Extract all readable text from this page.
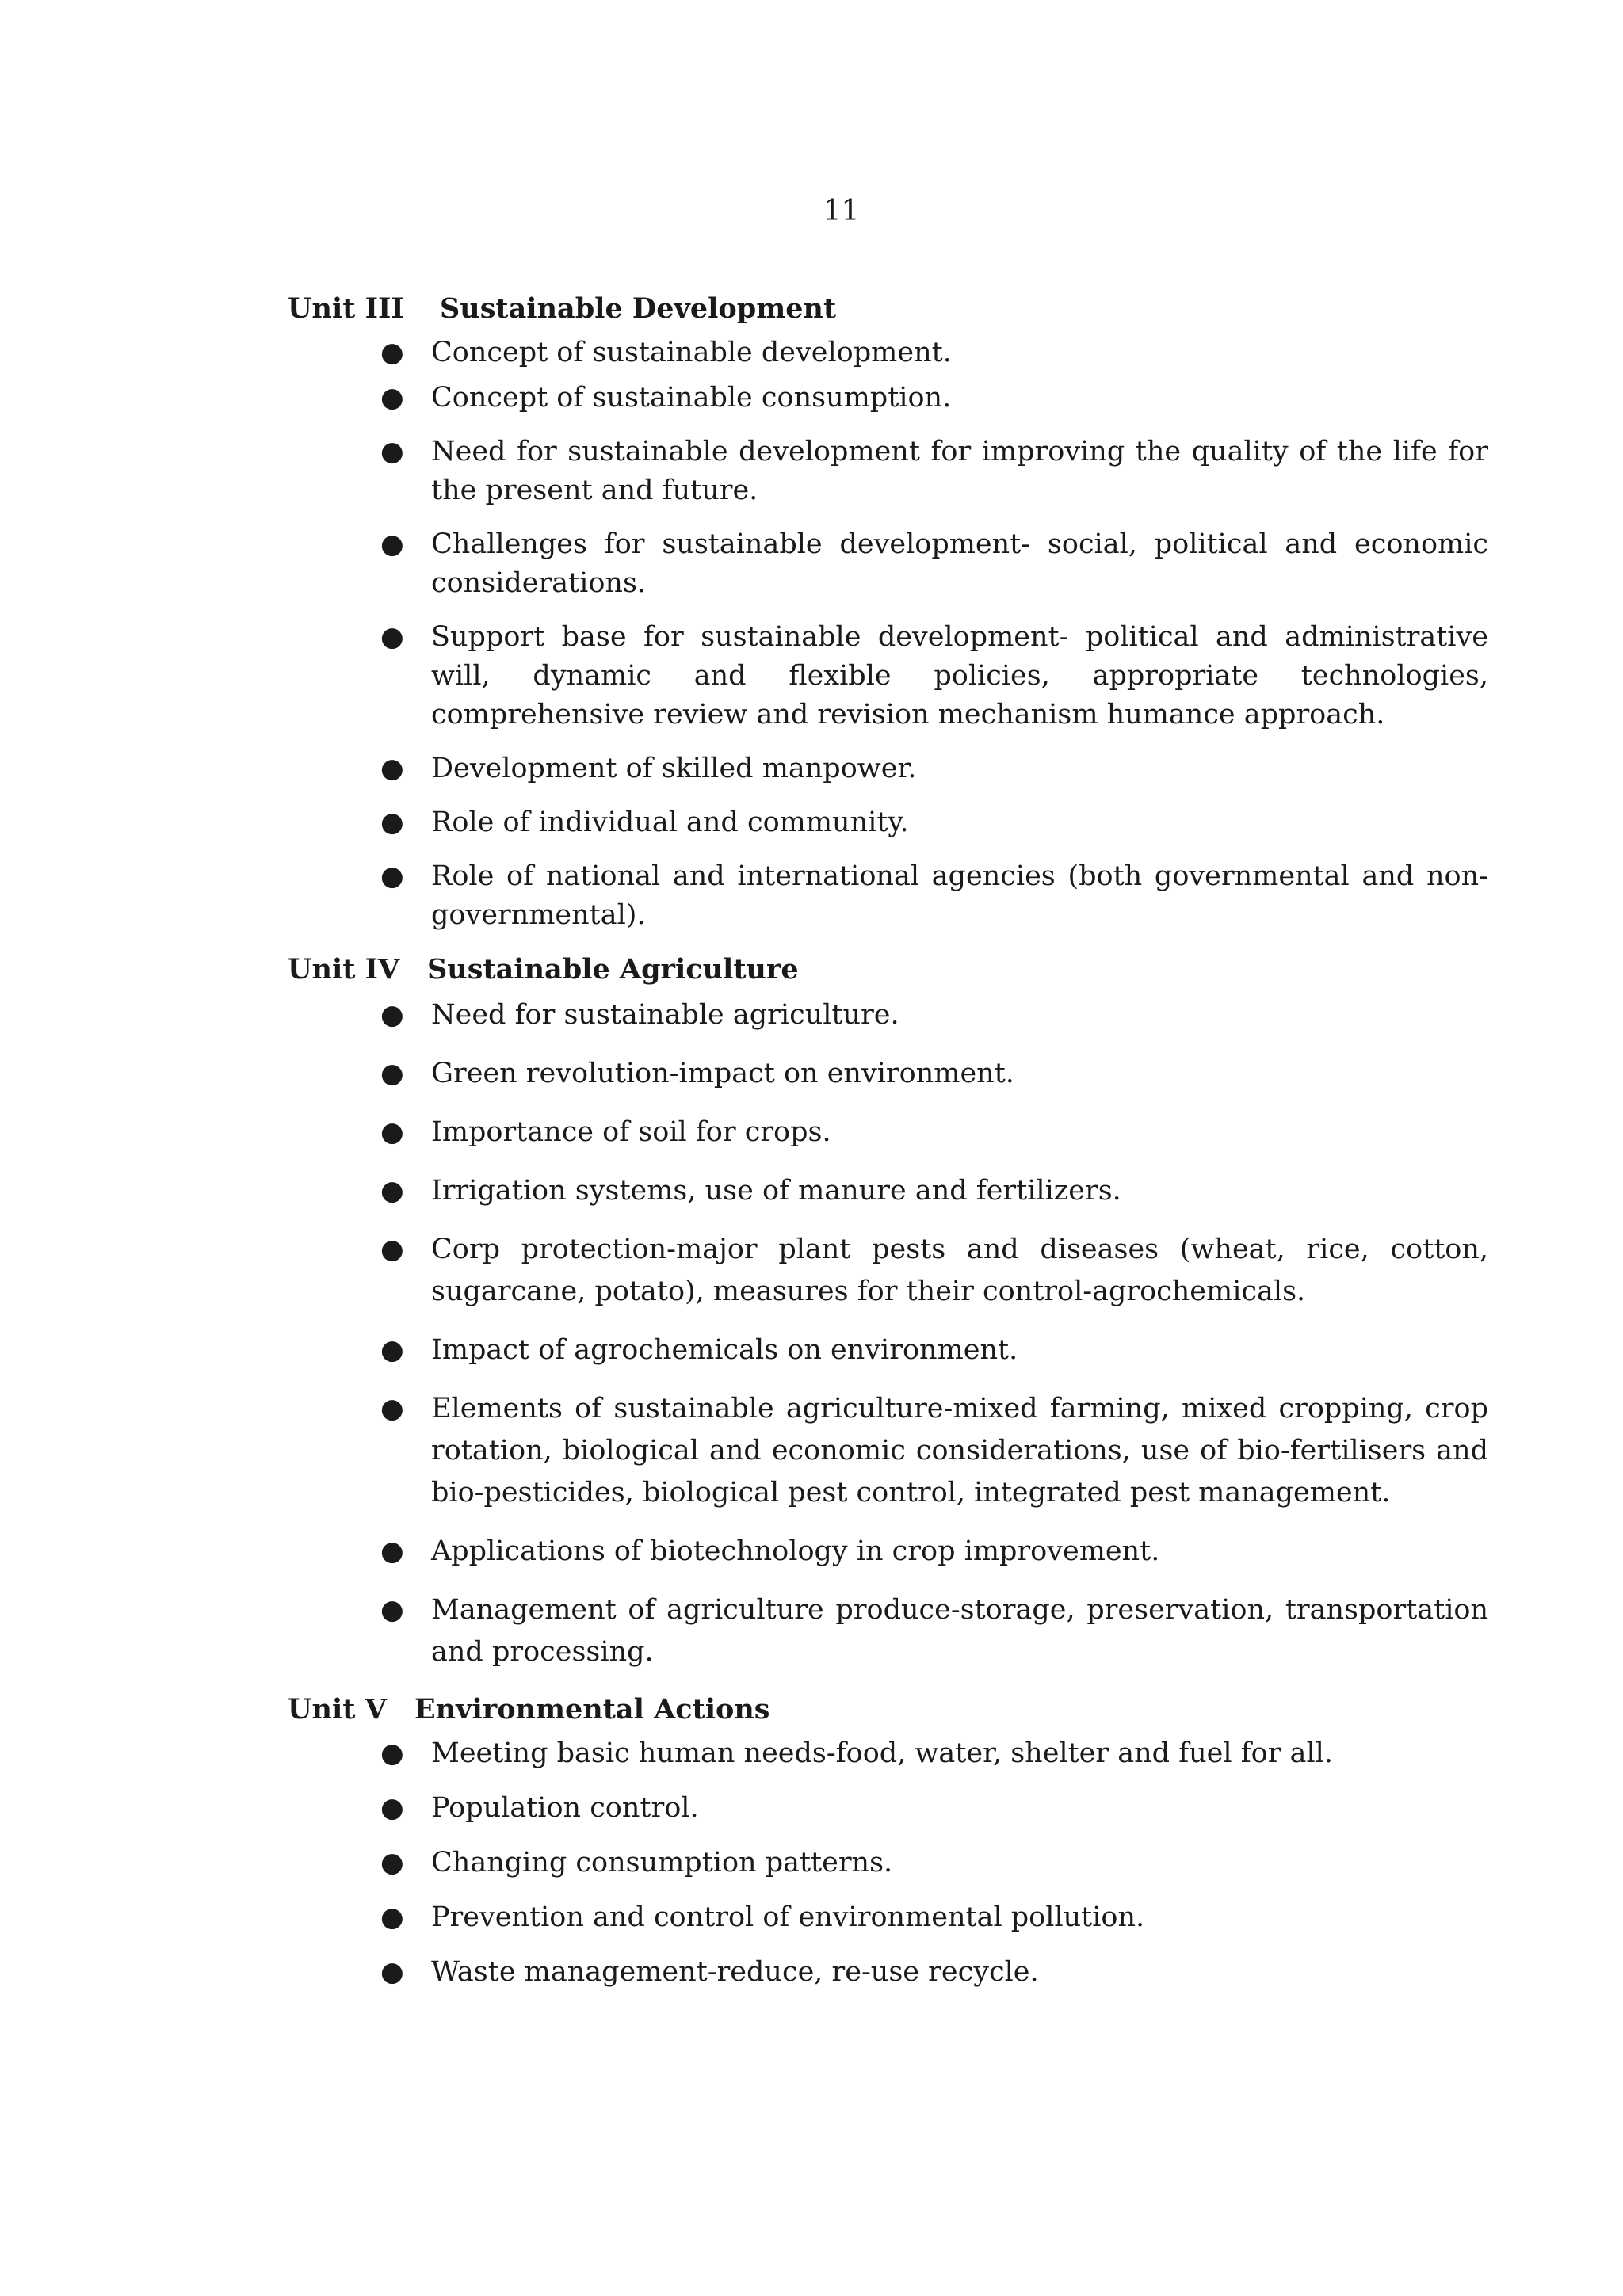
11
Unit III	Sustainable Development
● Concept of sustainable development.
● Concept of sustainable consumption.
● Need for sustainable development for improving the quality of the life for the present and future.
● Challenges for sustainable development- social, political and economic considerations.
● Support base for sustainable development- political and administrative will, dynamic and flexible policies, appropriate technologies, comprehensive review and revision mechanism humance approach.
● Development of skilled manpower.
● Role of individual and community.
● Role of national and international agencies (both governmental and non-governmental).
Unit IV Sustainable Agriculture
● Need for sustainable agriculture.
● Green revolution-impact on environment.
● Importance of soil for crops.
● Irrigation systems, use of manure and fertilizers.
● Corp protection-major plant pests and diseases (wheat, rice, cotton, sugarcane, potato), measures for their control-agrochemicals.
● Impact of agrochemicals on environment.
● Elements of sustainable agriculture-mixed farming, mixed cropping, crop rotation, biological and economic considerations, use of bio-fertilisers and bio-pesticides, biological pest control, integrated pest management.
● Applications of biotechnology in crop improvement.
● Management of agriculture produce-storage, preservation, transportation and processing.
Unit V	Environmental Actions
● Meeting basic human needs-food, water, shelter and fuel for all.
● Population control.
● Changing consumption patterns.
● Prevention and control of environmental pollution.
● Waste management-reduce, re-use recycle.
